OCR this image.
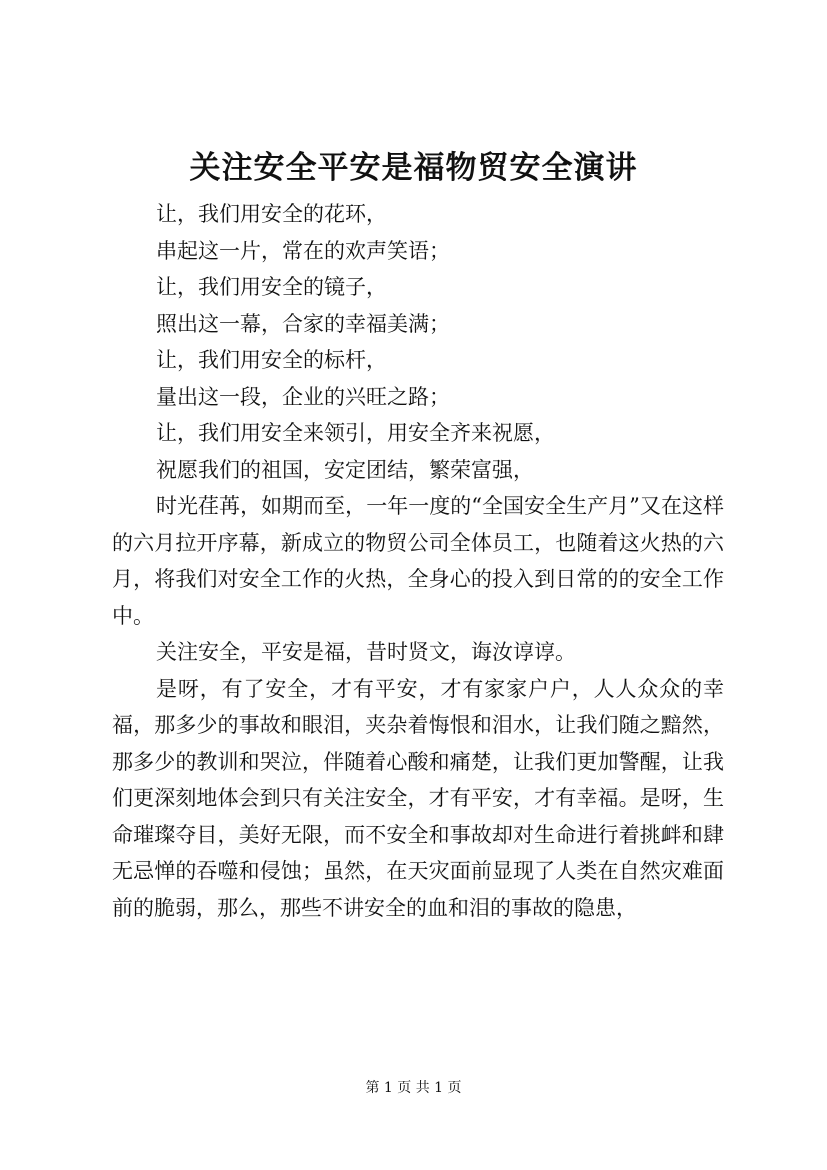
关注安全平安是福物贸安全演讲

让，我们用安全的花环，

串起这一片，常在的欢声笑语；

让，我们用安全的镜子，

照出这一幕，合家的幸福美满；

让，我们用安全的标杆，

量出这一段，企业的兴旺之路；

让，我们用安全来领引，用安全齐来祝愿，

祝愿我们的祖国，安定团结，繁荣富强，

时光荏苒，如期而至，一年一度的“全国安全生产月”又在这样的六月拉开序幕，新成立的物贸公司全体员工，也随着这火热的六月，将我们对安全工作的火热，全身心的投入到日常的的安全工作中。

关注安全，平安是福，昔时贤文，诲汝谆谆。

是呀，有了安全，才有平安，才有家家户户，人人众众的幸福，那多少的事故和眼泪，夹杂着悔恨和泪水，让我们随之黯然，那多少的教训和哭泣，伴随着心酸和痛楚，让我们更加警醒，让我们更深刻地体会到只有关注安全，才有平安，才有幸福。是呀，生命璀璨夺目，美好无限，而不安全和事故却对生命进行着挑衅和肆无忌惮的吞噬和侵蚀；虽然，在天灾面前显现了人类在自然灾难面前的脆弱，那么，那些不讲安全的血和泪的事故的隐患，

第 1 页 共 1 页
